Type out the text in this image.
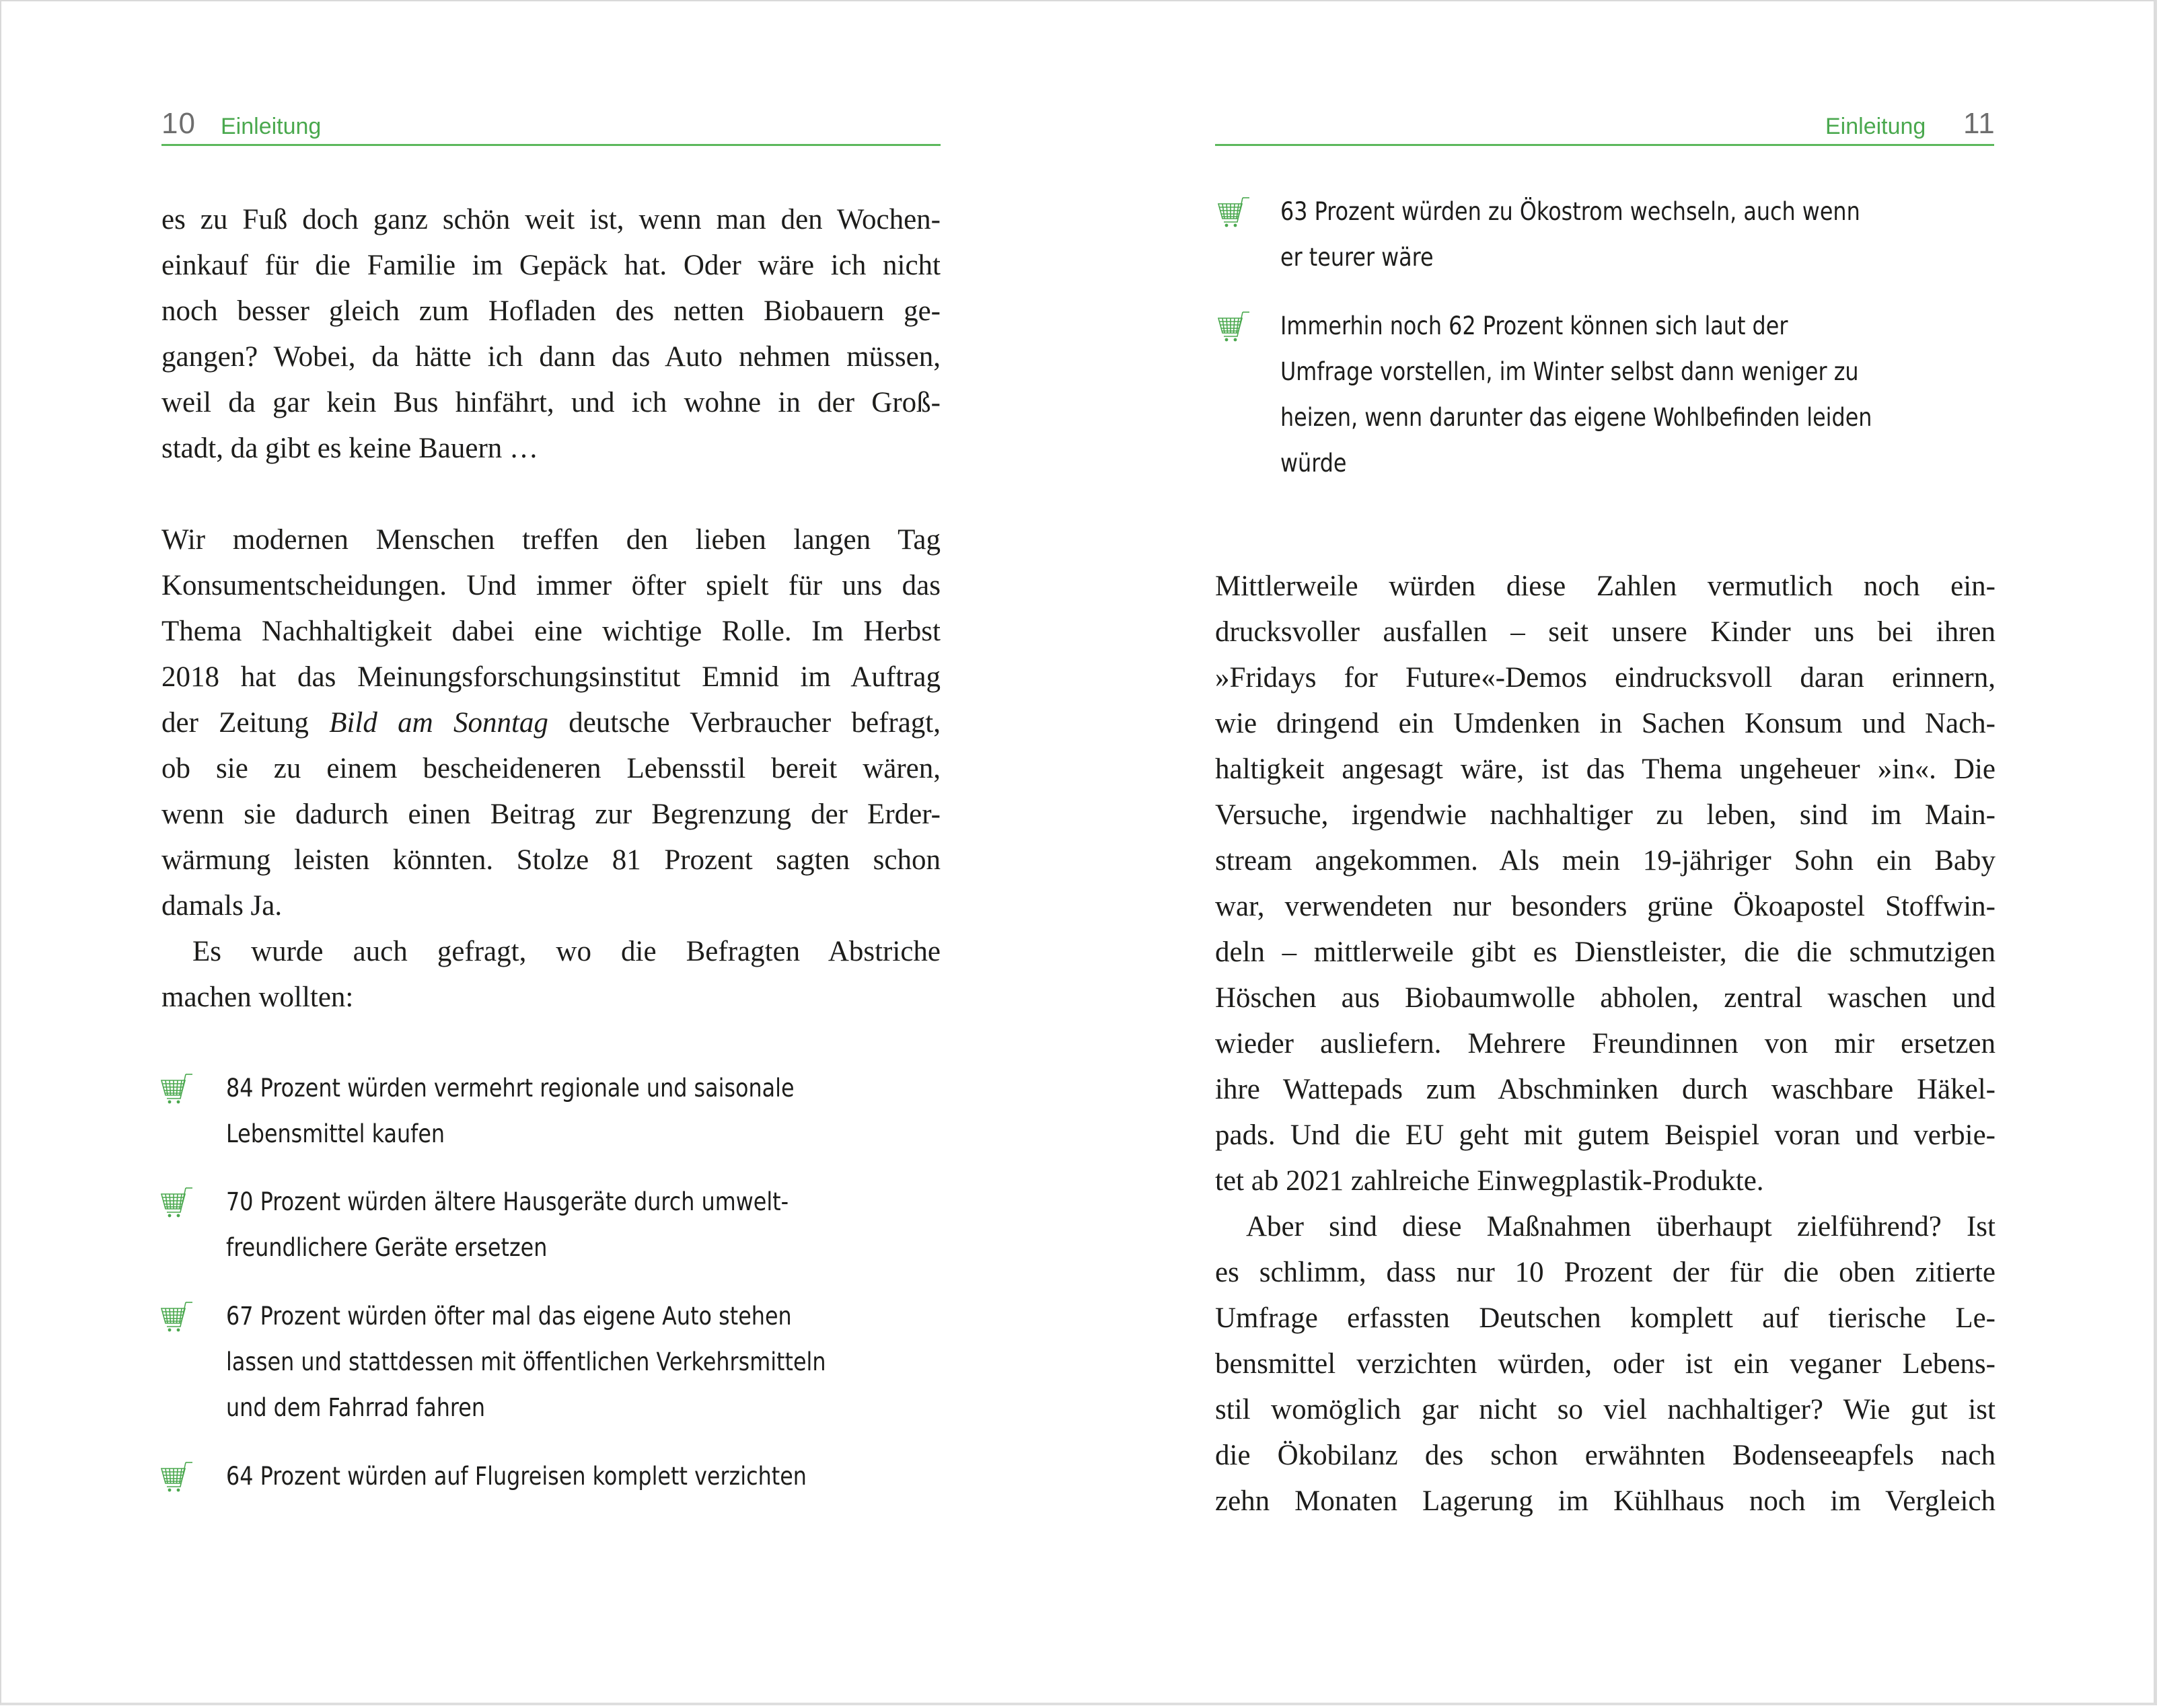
10 Einleitung
es zu Fuß doch ganz schön weit ist, wenn man den Wochen-
einkauf für die Familie im Gepäck hat. Oder wäre ich nicht
noch besser gleich zum Hofladen des netten Biobauern ge-
gangen? Wobei, da hätte ich dann das Auto nehmen müssen,
weil da gar kein Bus hinfährt, und ich wohne in der Groß-
stadt, da gibt es keine Bauern …
Wir modernen Menschen treffen den lieben langen Tag
Konsumentscheidungen. Und immer öfter spielt für uns das
Thema Nachhaltigkeit dabei eine wichtige Rolle. Im Herbst
2018 hat das Meinungsforschungsinstitut Emnid im Auftrag
der Zeitung Bild am Sonntag deutsche Verbraucher befragt,
ob sie zu einem bescheideneren Lebensstil bereit wären,
wenn sie dadurch einen Beitrag zur Begrenzung der Erder-
wärmung leisten könnten. Stolze 81 Prozent sagten schon
damals Ja.
Es wurde auch gefragt, wo die Befragten Abstriche
machen wollten:
84 Prozent würden vermehrt regionale und saisonale
Lebensmittel kaufen
70 Prozent würden ältere Hausgeräte durch umwelt-
freundlichere Geräte ersetzen
67 Prozent würden öfter mal das eigene Auto stehen
lassen und stattdessen mit öffentlichen Verkehrsmitteln
und dem Fahrrad fahren
64 Prozent würden auf Flugreisen komplett verzichten
Einleitung 11
63 Prozent würden zu Ökostrom wechseln, auch wenn
er teurer wäre
Immerhin noch 62 Prozent können sich laut der
Umfrage vorstellen, im Winter selbst dann weniger zu
heizen, wenn darunter das eigene Wohlbefinden leiden
würde
Mittlerweile würden diese Zahlen vermutlich noch ein-
drucksvoller ausfallen – seit unsere Kinder uns bei ihren
»Fridays for Future«-Demos eindrucksvoll daran erinnern,
wie dringend ein Umdenken in Sachen Konsum und Nach-
haltigkeit angesagt wäre, ist das Thema ungeheuer »in«. Die
Versuche, irgendwie nachhaltiger zu leben, sind im Main-
stream angekommen. Als mein 19-jähriger Sohn ein Baby
war, verwendeten nur besonders grüne Ökoapostel Stoffwin-
deln – mittlerweile gibt es Dienstleister, die die schmutzigen
Höschen aus Biobaumwolle abholen, zentral waschen und
wieder ausliefern. Mehrere Freundinnen von mir ersetzen
ihre Wattepads zum Abschminken durch waschbare Häkel-
pads. Und die EU geht mit gutem Beispiel voran und verbie-
tet ab 2021 zahlreiche Einwegplastik-Produkte.
Aber sind diese Maßnahmen überhaupt zielführend? Ist
es schlimm, dass nur 10 Prozent der für die oben zitierte
Umfrage erfassten Deutschen komplett auf tierische Le-
bensmittel verzichten würden, oder ist ein veganer Lebens-
stil womöglich gar nicht so viel nachhaltiger? Wie gut ist
die Ökobilanz des schon erwähnten Bodenseeapfels nach
zehn Monaten Lagerung im Kühlhaus noch im Vergleich
